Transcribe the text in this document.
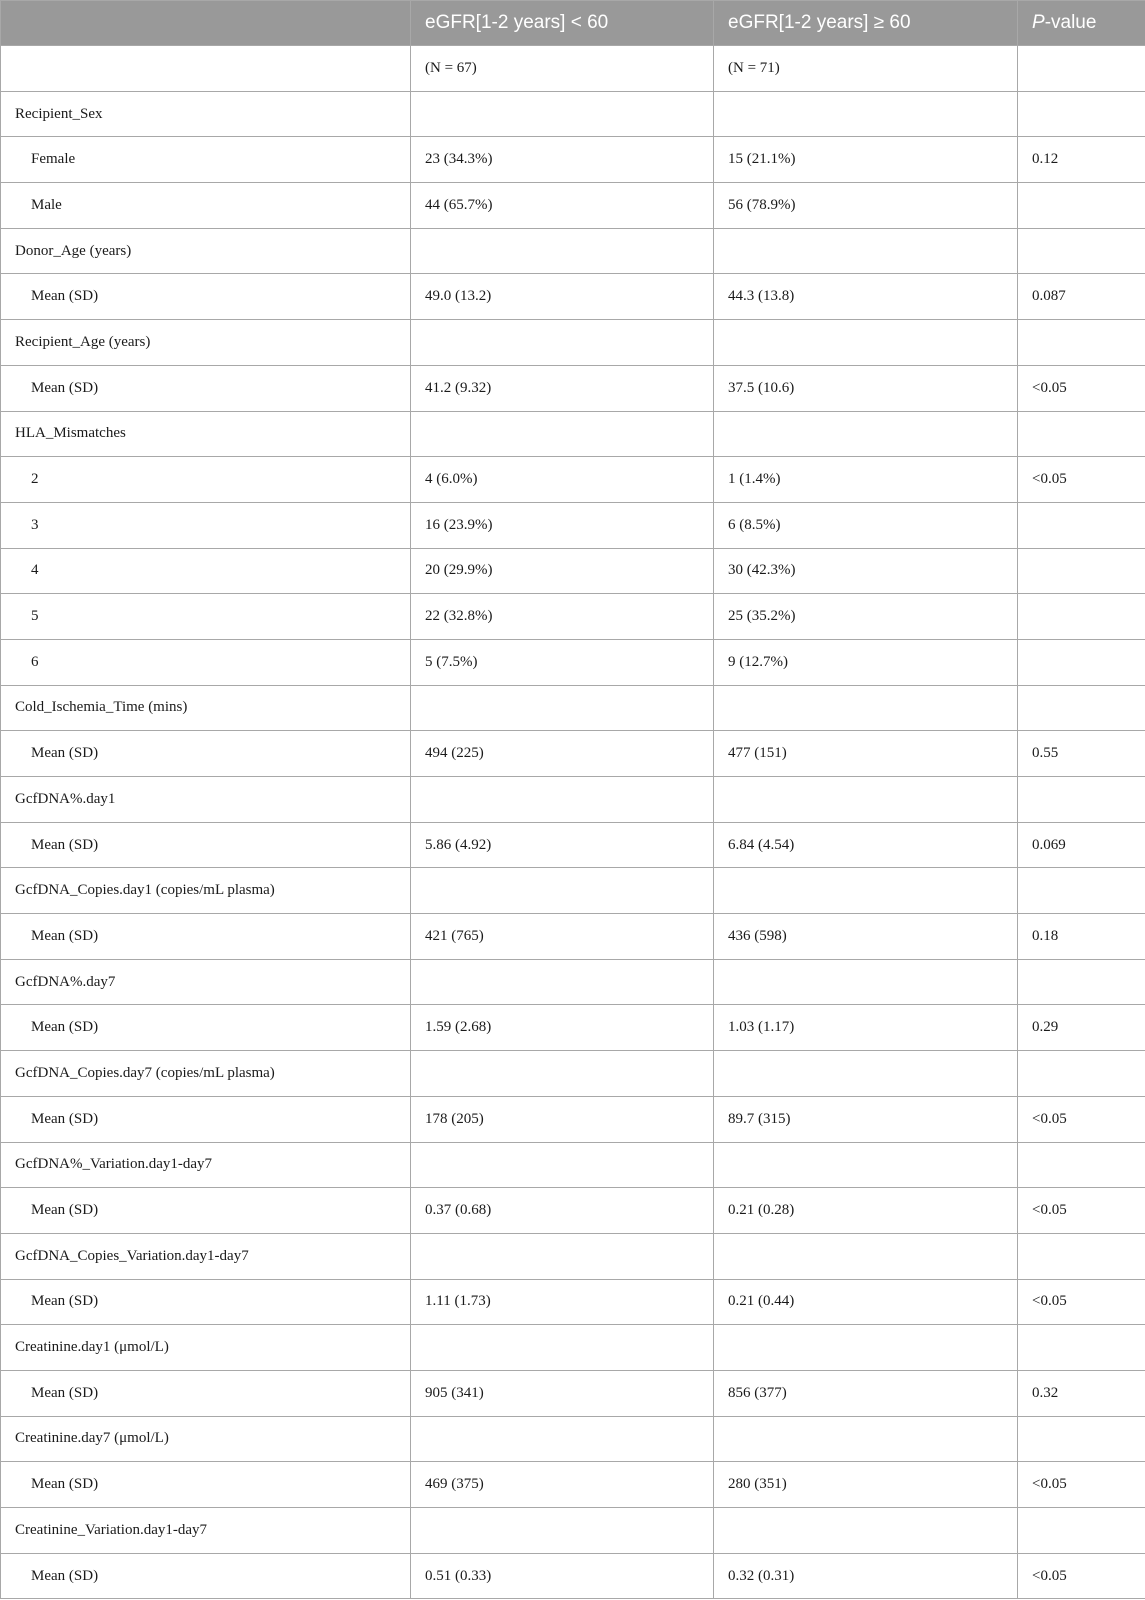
	eGFR[1-2 years] < 60	eGFR[1-2 years] ≥ 60	P-value
	(N = 67)	(N = 71)	
Recipient_Sex			
Female	23 (34.3%)	15 (21.1%)	0.12
Male	44 (65.7%)	56 (78.9%)	
Donor_Age (years)			
Mean (SD)	49.0 (13.2)	44.3 (13.8)	0.087
Recipient_Age (years)			
Mean (SD)	41.2 (9.32)	37.5 (10.6)	<0.05
HLA_Mismatches			
2	4 (6.0%)	1 (1.4%)	<0.05
3	16 (23.9%)	6 (8.5%)	
4	20 (29.9%)	30 (42.3%)	
5	22 (32.8%)	25 (35.2%)	
6	5 (7.5%)	9 (12.7%)	
Cold_Ischemia_Time (mins)			
Mean (SD)	494 (225)	477 (151)	0.55
GcfDNA%.day1			
Mean (SD)	5.86 (4.92)	6.84 (4.54)	0.069
GcfDNA_Copies.day1 (copies/mL plasma)			
Mean (SD)	421 (765)	436 (598)	0.18
GcfDNA%.day7			
Mean (SD)	1.59 (2.68)	1.03 (1.17)	0.29
GcfDNA_Copies.day7 (copies/mL plasma)			
Mean (SD)	178 (205)	89.7 (315)	<0.05
GcfDNA%_Variation.day1-day7			
Mean (SD)	0.37 (0.68)	0.21 (0.28)	<0.05
GcfDNA_Copies_Variation.day1-day7			
Mean (SD)	1.11 (1.73)	0.21 (0.44)	<0.05
Creatinine.day1 (μmol/L)			
Mean (SD)	905 (341)	856 (377)	0.32
Creatinine.day7 (μmol/L)			
Mean (SD)	469 (375)	280 (351)	<0.05
Creatinine_Variation.day1-day7			
Mean (SD)	0.51 (0.33)	0.32 (0.31)	<0.05
